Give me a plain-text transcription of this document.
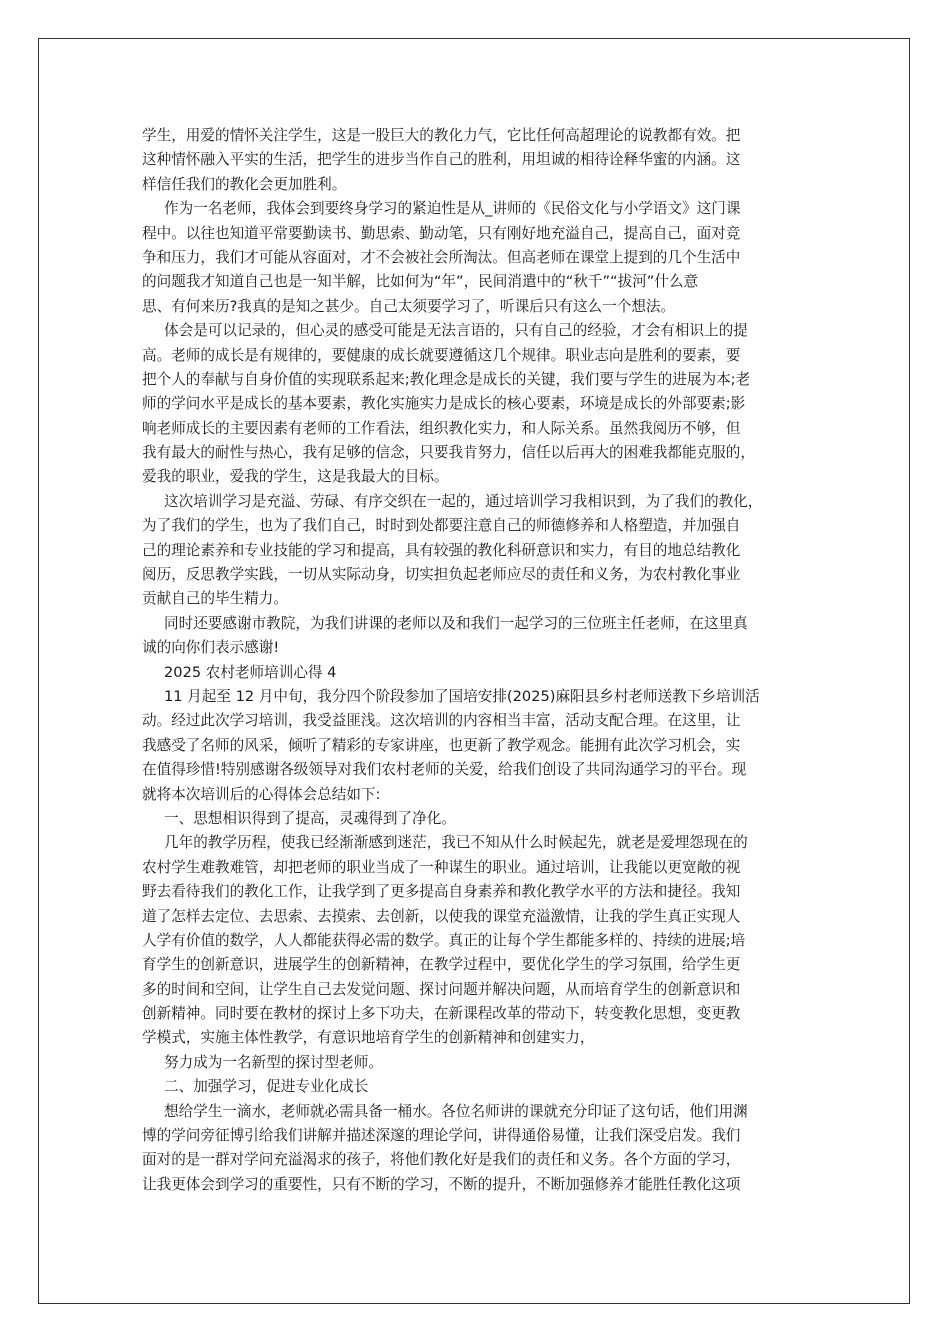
学生，用爱的情怀关注学生，这是一股巨大的教化力气，它比任何高超理论的说教都有效。把
这种情怀融入平实的生活，把学生的进步当作自己的胜利，用坦诚的相待诠释华蜜的内涵。这
样信任我们的教化会更加胜利。
作为一名老师，我体会到要终身学习的紧迫性是从_讲师的《民俗文化与小学语文》这门课
程中。以往也知道平常要勤读书、勤思索、勤动笔，只有刚好地充溢自己，提高自己，面对竞
争和压力，我们才可能从容面对，才不会被社会所淘汰。但高老师在课堂上提到的几个生活中
的问题我才知道自己也是一知半解，比如何为“年”，民间消遣中的“秋千”“拔河”什么意
思、有何来历?我真的是知之甚少。自己太须要学习了，听课后只有这么一个想法。
体会是可以记录的，但心灵的感受可能是无法言语的，只有自己的经验，才会有相识上的提
高。老师的成长是有规律的，要健康的成长就要遵循这几个规律。职业志向是胜利的要素，要
把个人的奉献与自身价值的实现联系起来;教化理念是成长的关键，我们要与学生的进展为本;老
师的学问水平是成长的基本要素，教化实施实力是成长的核心要素，环境是成长的外部要素;影
响老师成长的主要因素有老师的工作看法，组织教化实力，和人际关系。虽然我阅历不够，但
我有最大的耐性与热心，我有足够的信念，只要我肯努力，信任以后再大的困难我都能克服的，
爱我的职业，爱我的学生，这是我最大的目标。
这次培训学习是充溢、劳碌、有序交织在一起的，通过培训学习我相识到，为了我们的教化，
为了我们的学生，也为了我们自己，时时到处都要注意自己的师德修养和人格塑造，并加强自
己的理论素养和专业技能的学习和提高，具有较强的教化科研意识和实力，有目的地总结教化
阅历，反思教学实践，一切从实际动身，切实担负起老师应尽的责任和义务，为农村教化事业
贡献自己的毕生精力。
同时还要感谢市教院，为我们讲课的老师以及和我们一起学习的三位班主任老师，在这里真
诚的向你们表示感谢!
2025 农村老师培训心得 4
11 月起至 12 月中旬，我分四个阶段参加了国培安排(2025)麻阳县乡村老师送教下乡培训活
动。经过此次学习培训，我受益匪浅。这次培训的内容相当丰富，活动支配合理。在这里，让
我感受了名师的风采，倾听了精彩的专家讲座，也更新了教学观念。能拥有此次学习机会，实
在值得珍惜!特别感谢各级领导对我们农村老师的关爱，给我们创设了共同沟通学习的平台。现
就将本次培训后的心得体会总结如下:
一、思想相识得到了提高，灵魂得到了净化。
几年的教学历程，使我已经渐渐感到迷茫，我已不知从什么时候起先，就老是爱埋怨现在的
农村学生难教难管，却把老师的职业当成了一种谋生的职业。通过培训，让我能以更宽敞的视
野去看待我们的教化工作，让我学到了更多提高自身素养和教化教学水平的方法和捷径。我知
道了怎样去定位、去思索、去摸索、去创新，以使我的课堂充溢激情，让我的学生真正实现人
人学有价值的数学，人人都能获得必需的数学。真正的让每个学生都能多样的、持续的进展;培
育学生的创新意识，进展学生的创新精神，在教学过程中，要优化学生的学习氛围，给学生更
多的时间和空间，让学生自己去发觉问题、探讨问题并解决问题，从而培育学生的创新意识和
创新精神。同时要在教材的探讨上多下功夫，在新课程改革的带动下，转变教化思想，变更教
学模式，实施主体性教学，有意识地培育学生的创新精神和创建实力，
努力成为一名新型的探讨型老师。
二、加强学习，促进专业化成长
想给学生一滴水，老师就必需具备一桶水。各位名师讲的课就充分印证了这句话，他们用渊
博的学问旁征博引给我们讲解并描述深邃的理论学问，讲得通俗易懂，让我们深受启发。我们
面对的是一群对学问充溢渴求的孩子，将他们教化好是我们的责任和义务。各个方面的学习，
让我更体会到学习的重要性，只有不断的学习，不断的提升，不断加强修养才能胜任教化这项
